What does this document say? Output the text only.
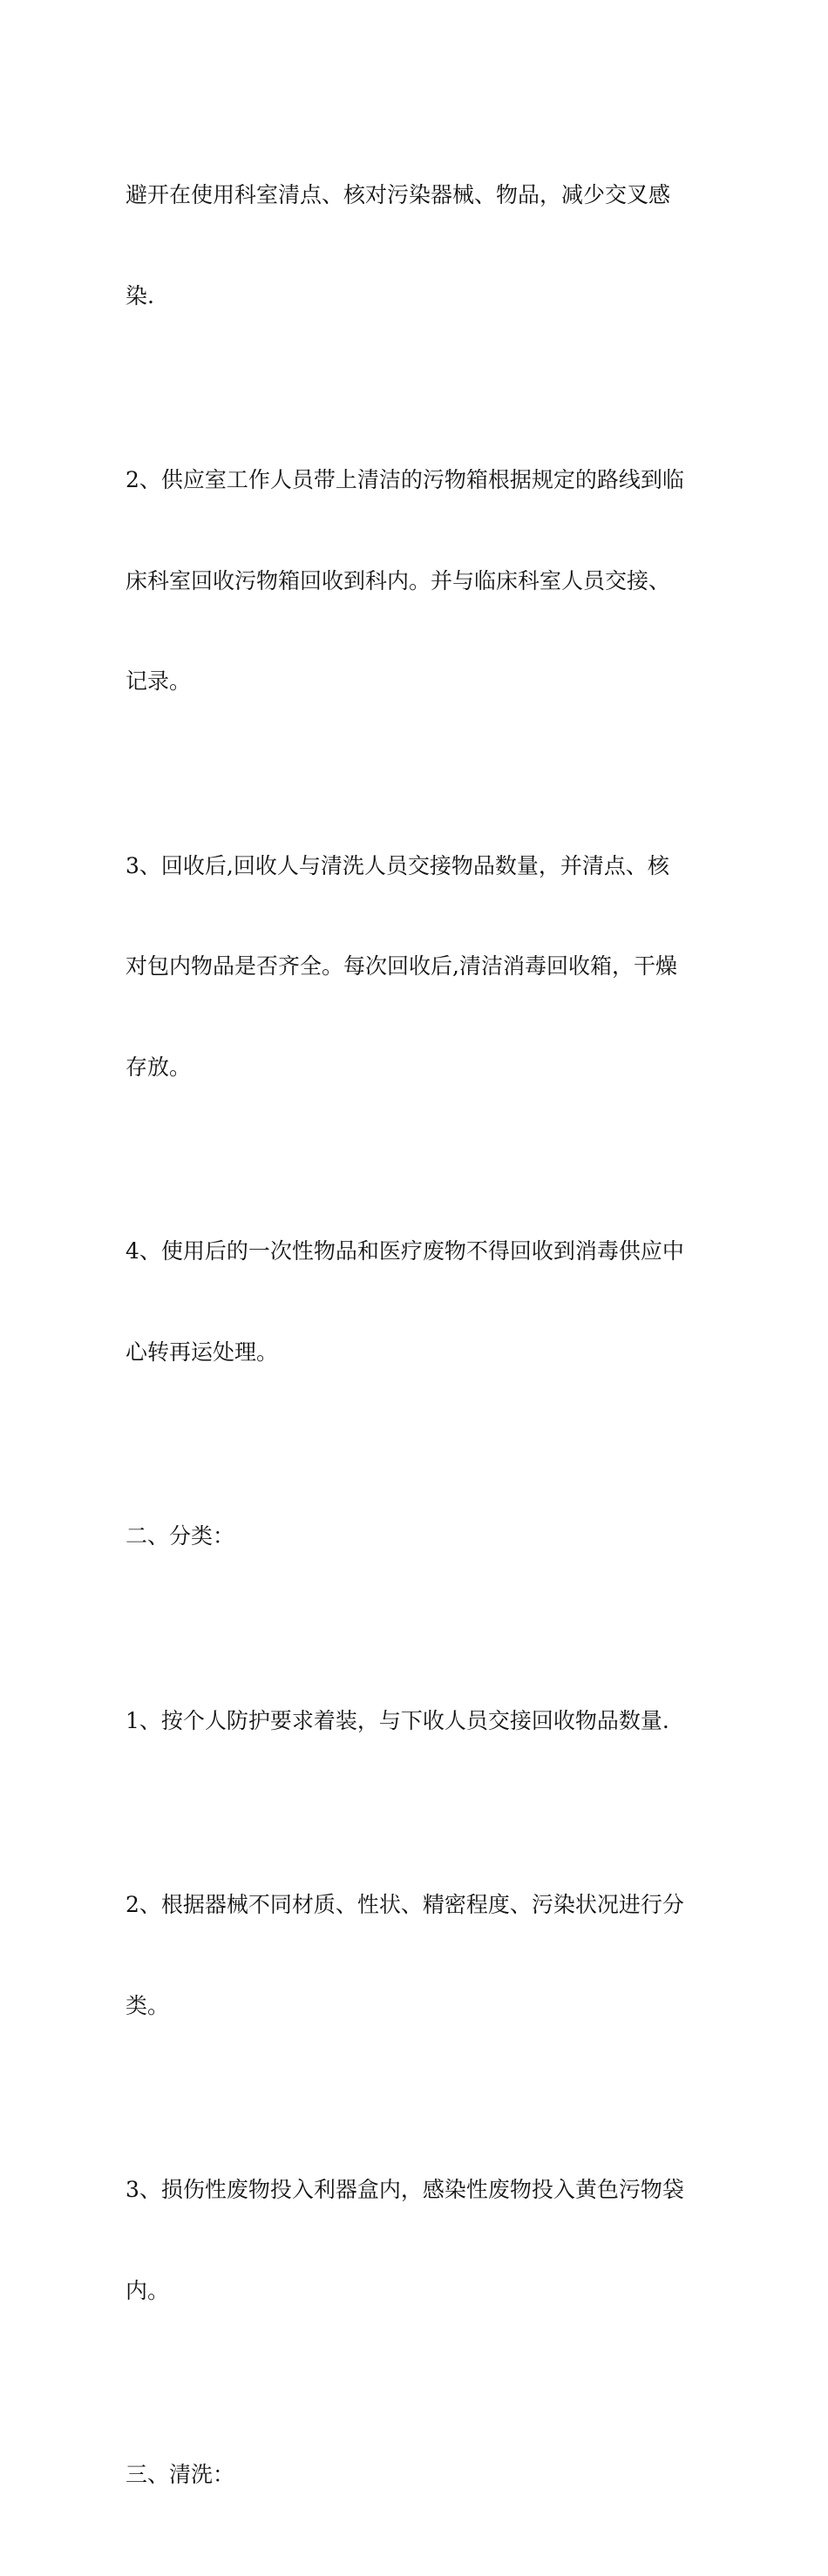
避开在使用科室清点、核对污染器械、物品，减少交叉感

染.

2、供应室工作人员带上清洁的污物箱根据规定的路线到临

床科室回收污物箱回收到科内。并与临床科室人员交接、

记录。

3、回收后,回收人与清洗人员交接物品数量，并清点、核

对包内物品是否齐全。每次回收后,清洁消毒回收箱，干燥

存放。

4、使用后的一次性物品和医疗废物不得回收到消毒供应中

心转再运处理。

二、分类：

1、按个人防护要求着装，与下收人员交接回收物品数量.

2、根据器械不同材质、性状、精密程度、污染状况进行分

类。

3、损伤性废物投入利器盒内，感染性废物投入黄色污物袋

内。

三、清洗：
